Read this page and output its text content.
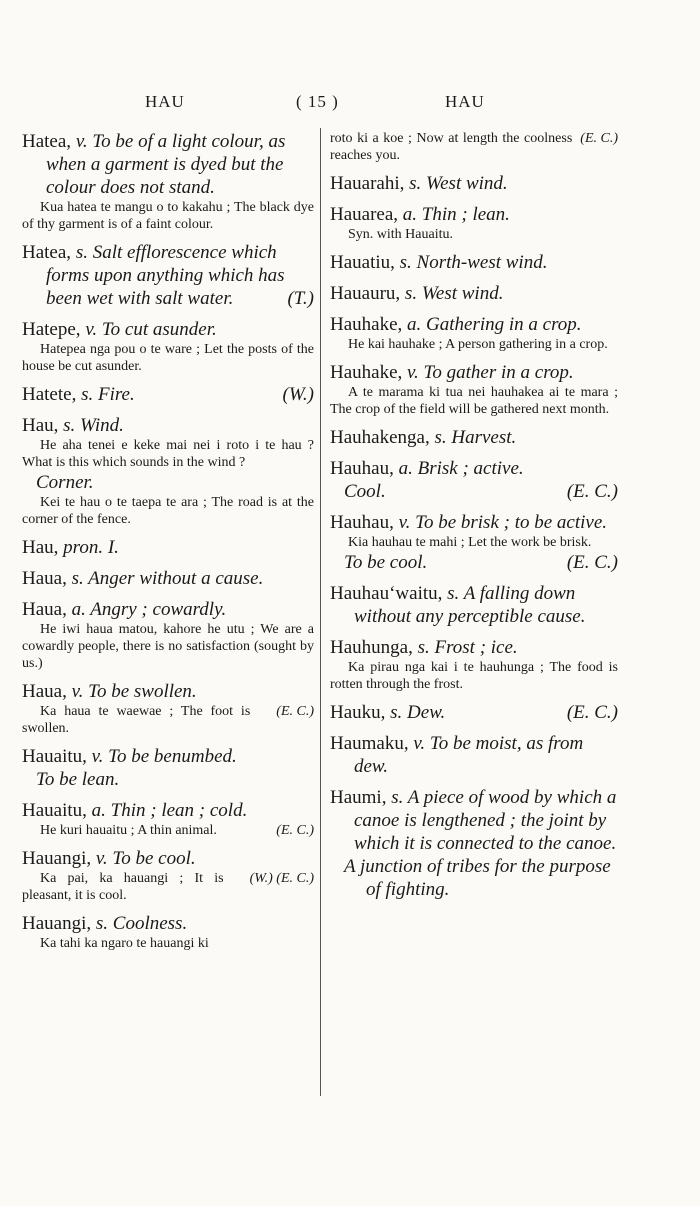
HAU	( 15 )	HAU
Hatea, v. To be of a light colour, as when a garment is dyed but the colour does not stand.
Kua hatea te mangu o to kakahu ; The black dye of thy garment is of a faint colour.
Hatea, s. Salt efflorescence which forms upon anything which has been wet with salt water.	(T.)
Hatepe, v. To cut asunder.
Hatepea nga pou o te ware ; Let the posts of the house be cut asunder.
Hatete, s. Fire.	(W.)
Hau, s. Wind.
He aha tenei e keke mai nei i roto i te hau ? What is this which sounds in the wind ?
Corner.
Kei te hau o te taepa te ara ; The road is at the corner of the fence.
Hau, pron. I.
Haua, s. Anger without a cause.
Haua, a. Angry ; cowardly.
He iwi haua matou, kahore he utu ; We are a cowardly people, there is no satisfaction (sought by us.)
Haua, v. To be swollen.
(E. C.)
Ka haua te waewae ; The foot is swollen.
Hauaitu, v. To be benumbed.
To be lean.
Hauaitu, a. Thin ; lean ; cold.
(E. C.)
He kuri hauaitu ; A thin animal.
Hauangi, v. To be cool.
(W.) (E. C.)
Ka pai, ka hauangi ; It is pleasant, it is cool.
Hauangi, s. Coolness.
Ka tahi ka ngaro te hauangi ki
(E. C.)
roto ki a koe ; Now at length the coolness reaches you.
Hauarahi, s. West wind.
Hauarea, a. Thin ; lean.
Syn. with Hauaitu.
Hauatiu, s. North-west wind.
Hauauru, s. West wind.
Hauhake, a. Gathering in a crop.
He kai hauhake ; A person gathering in a crop.
Hauhake, v. To gather in a crop.
A te marama ki tua nei hauhakea ai te mara ; The crop of the field will be gathered next month.
Hauhakenga, s. Harvest.
Hauhau, a. Brisk ; active.
(E. C.)
Cool.
Hauhau, v. To be brisk ; to be active.
Kia hauhau te mahi ; Let the work be brisk.
(E. C.)
To be cool.
Hauhau‘waitu, s. A falling down without any perceptible cause.
Hauhunga, s. Frost ; ice.
Ka pirau nga kai i te hauhunga ; The food is rotten through the frost.
Hauku, s. Dew.	(E. C.)
Haumaku, v. To be moist, as from dew.
Haumi, s. A piece of wood by which a canoe is lengthened ; the joint by which it is connected to the canoe.
A junction of tribes for the purpose of fighting.
